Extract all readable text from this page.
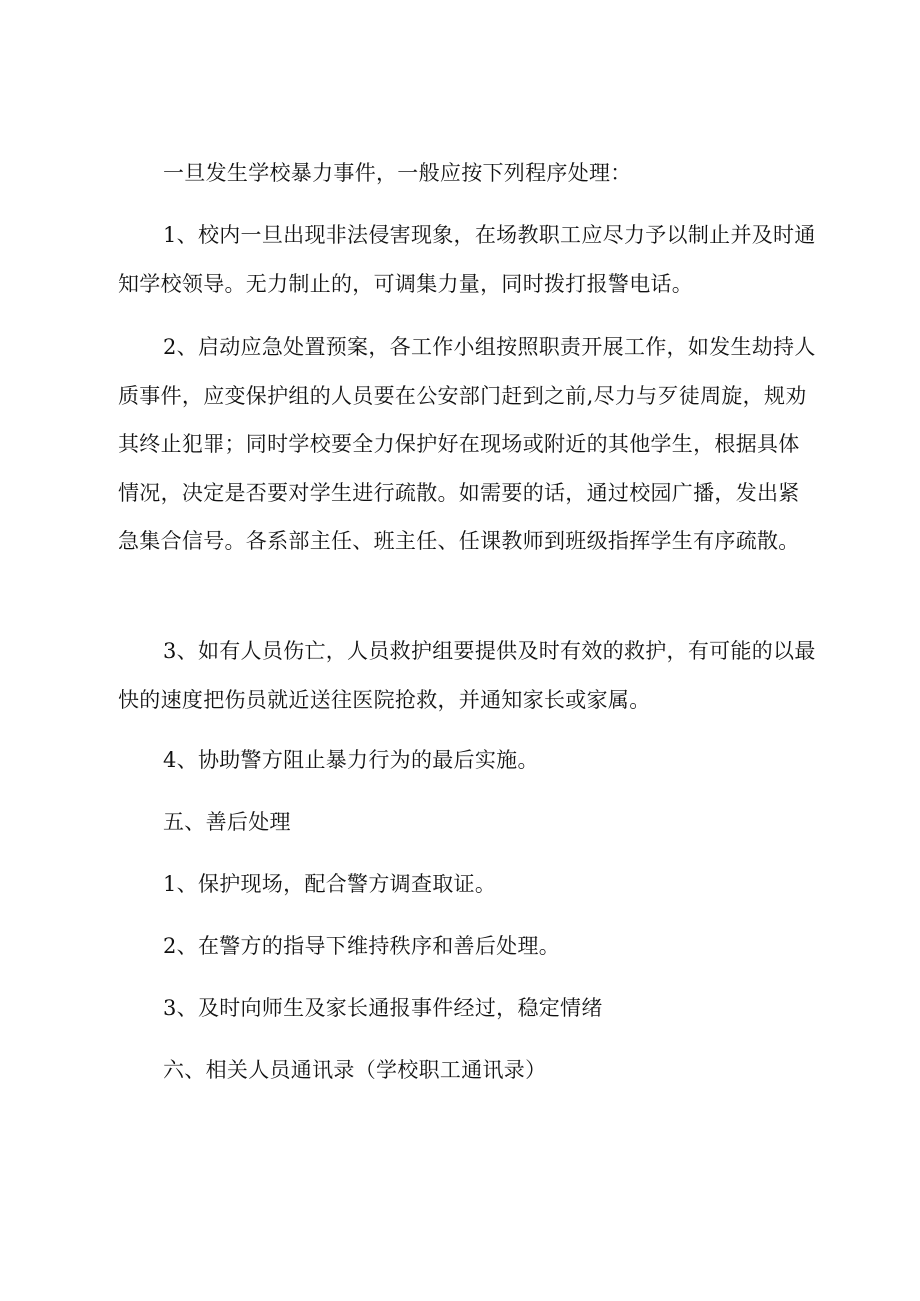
一旦发生学校暴力事件，一般应按下列程序处理：

1、校内一旦出现非法侵害现象，在场教职工应尽力予以制止并及时通知学校领导。无力制止的，可调集力量，同时拨打报警电话。

2、启动应急处置预案，各工作小组按照职责开展工作，如发生劫持人质事件，应变保护组的人员要在公安部门赶到之前,尽力与歹徒周旋，规劝其终止犯罪；同时学校要全力保护好在现场或附近的其他学生，根据具体情况，决定是否要对学生进行疏散。如需要的话，通过校园广播，发出紧急集合信号。各系部主任、班主任、任课教师到班级指挥学生有序疏散。

3、如有人员伤亡，人员救护组要提供及时有效的救护，有可能的以最快的速度把伤员就近送往医院抢救，并通知家长或家属。

4、协助警方阻止暴力行为的最后实施。

五、善后处理

1、保护现场，配合警方调查取证。

2、在警方的指导下维持秩序和善后处理。

3、及时向师生及家长通报事件经过，稳定情绪

六、相关人员通讯录（学校职工通讯录）
